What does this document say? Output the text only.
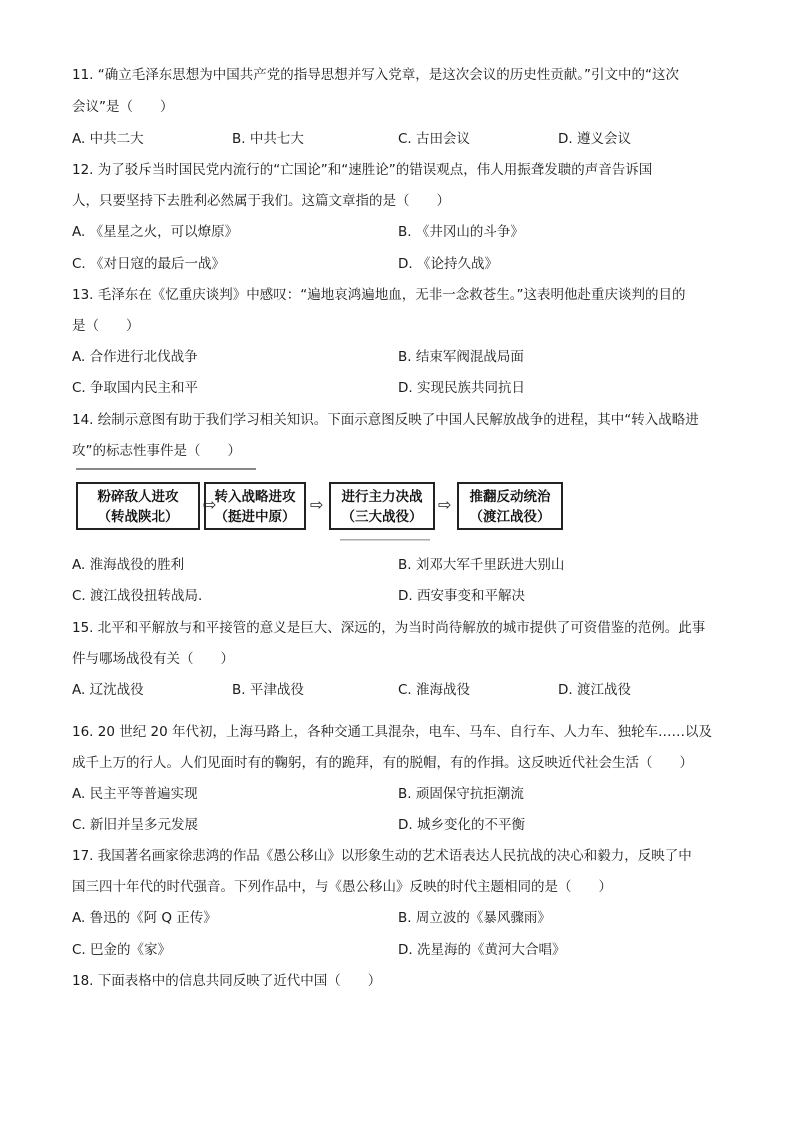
11. “确立毛泽东思想为中国共产党的指导思想并写入党章，是这次会议的历史性贡献。”引文中的“这次
会议”是（　　）
A. 中共二大	B. 中共七大	C. 古田会议	D. 遵义会议
12. 为了驳斥当时国民党内流行的“亡国论”和“速胜论”的错误观点，伟人用振聋发聩的声音告诉国
人，只要坚持下去胜利必然属于我们。这篇文章指的是（　　）
A. 《星星之火，可以燎原》	B. 《井冈山的斗争》
C. 《对日寇的最后一战》	D. 《论持久战》
13. 毛泽东在《忆重庆谈判》中感叹：“遍地哀鸿遍地血，无非一念救苍生。”这表明他赴重庆谈判的目的
是（　　）
A. 合作进行北伐战争	B. 结束军阀混战局面
C. 争取国内民主和平	D. 实现民族共同抗日
14. 绘制示意图有助于我们学习相关知识。下面示意图反映了中国人民解放战争的进程，其中“转入战略进
攻”的标志性事件是（　　）
粉碎敌人进攻
（转战陕北）
⇨
转入战略进攻
（挺进中原）
⇨	进行主力决战
（三大战役）
⇨	推翻反动统治
（渡江战役）
A. 淮海战役的胜利	B. 刘邓大军千里跃进大别山
C. 渡江战役扭转战局.	D. 西安事变和平解决
15. 北平和平解放与和平接管的意义是巨大、深远的，为当时尚待解放的城市提供了可资借鉴的范例。此事
件与哪场战役有关（　　）
A. 辽沈战役	B. 平津战役	C. 淮海战役	D. 渡江战役
16. 20 世纪 20 年代初，上海马路上，各种交通工具混杂，电车、马车、自行车、人力车、独轮车……以及
成千上万的行人。人们见面时有的鞠躬，有的跪拜，有的脱帽，有的作揖。这反映近代社会生活（　　）
A. 民主平等普遍实现	B. 顽固保守抗拒潮流
C. 新旧并呈多元发展	D. 城乡变化的不平衡
17. 我国著名画家徐悲鸿的作品《愚公移山》以形象生动的艺术语表达人民抗战的决心和毅力，反映了中
国三四十年代的时代强音。下列作品中，与《愚公移山》反映的时代主题相同的是（　　）
A. 鲁迅的《阿 Q 正传》	B. 周立波的《暴风骤雨》
C. 巴金的《家》	D. 冼星海的《黄河大合唱》
18. 下面表格中的信息共同反映了近代中国（　　）
